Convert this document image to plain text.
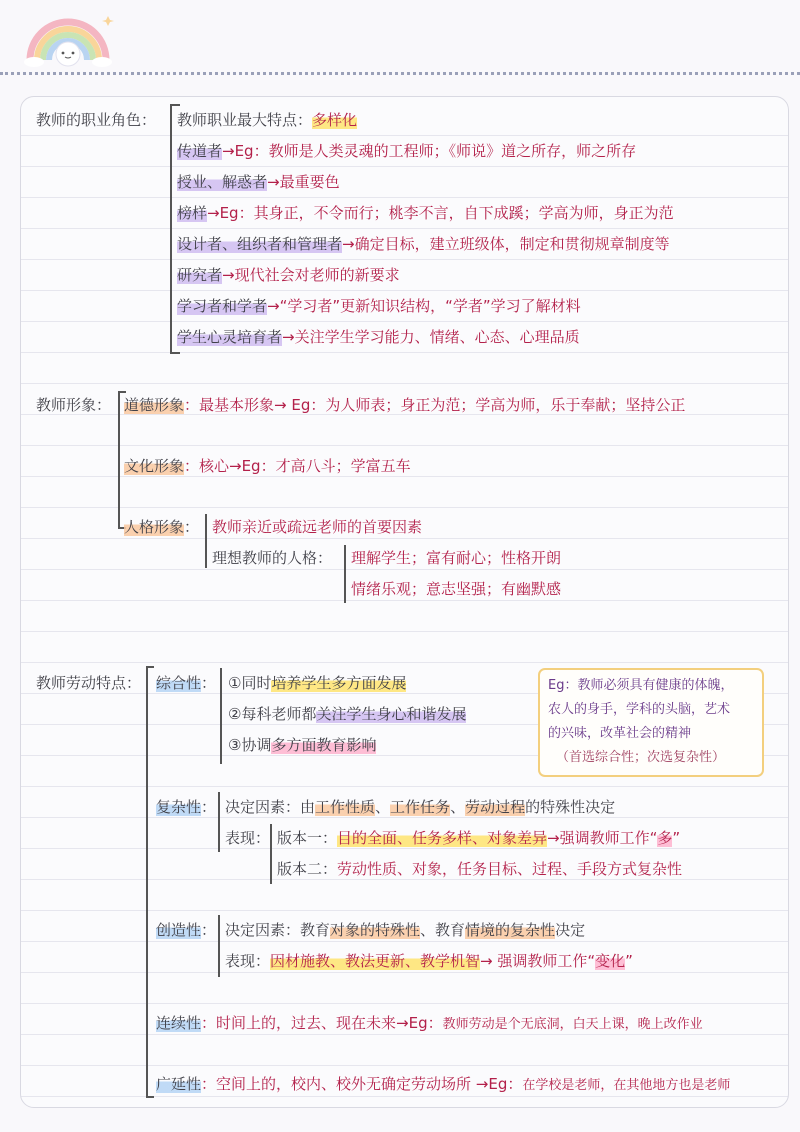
教师的职业角色： 教师职业最大特点：多样化
传道者→Eg：教师是人类灵魂的工程师；《师说》道之所存，师之所存
授业、解惑者→最重要色
榜样→Eg：其身正，不令而行；桃李不言，自下成蹊；学高为师，身正为范
设计者、组织者和管理者→确定目标，建立班级体，制定和贯彻规章制度等
研究者→现代社会对老师的新要求
学习者和学者→“学习者”更新知识结构，“学者”学习了解材料
学生心灵培育者→关注学生学习能力、情绪、心态、心理品质
教师形象： 道德形象：最基本形象→ Eg：为人师表；身正为范；学高为师，乐于奉献；坚持公正
文化形象：核心→Eg：才高八斗；学富五车
人格形象： 教师亲近或疏远老师的首要因素
理想教师的人格： 理解学生；富有耐心；性格开朗
情绪乐观；意志坚强；有幽默感
教师劳动特点： 综合性： ①同时培养学生多方面发展
②每科老师都关注学生身心和谐发展
③协调多方面教育影响
Eg：教师必须具有健康的体魄，
农人的身手，学科的头脑，艺术
的兴味，改革社会的精神
（首选综合性；次选复杂性）
复杂性： 决定因素：由工作性质、工作任务、劳动过程的特殊性决定
表现： 版本一：目的全面、任务多样、对象差异→强调教师工作“多”
版本二：劳动性质、对象，任务目标、过程、手段方式复杂性
创造性： 决定因素：教育对象的特殊性、教育情境的复杂性决定
表现：因材施教、教法更新、教学机智→ 强调教师工作“变化”
连续性：时间上的，过去、现在未来→Eg：教师劳动是个无底洞，白天上课，晚上改作业
广延性：空间上的，校内、校外无确定劳动场所 →Eg：在学校是老师，在其他地方也是老师
